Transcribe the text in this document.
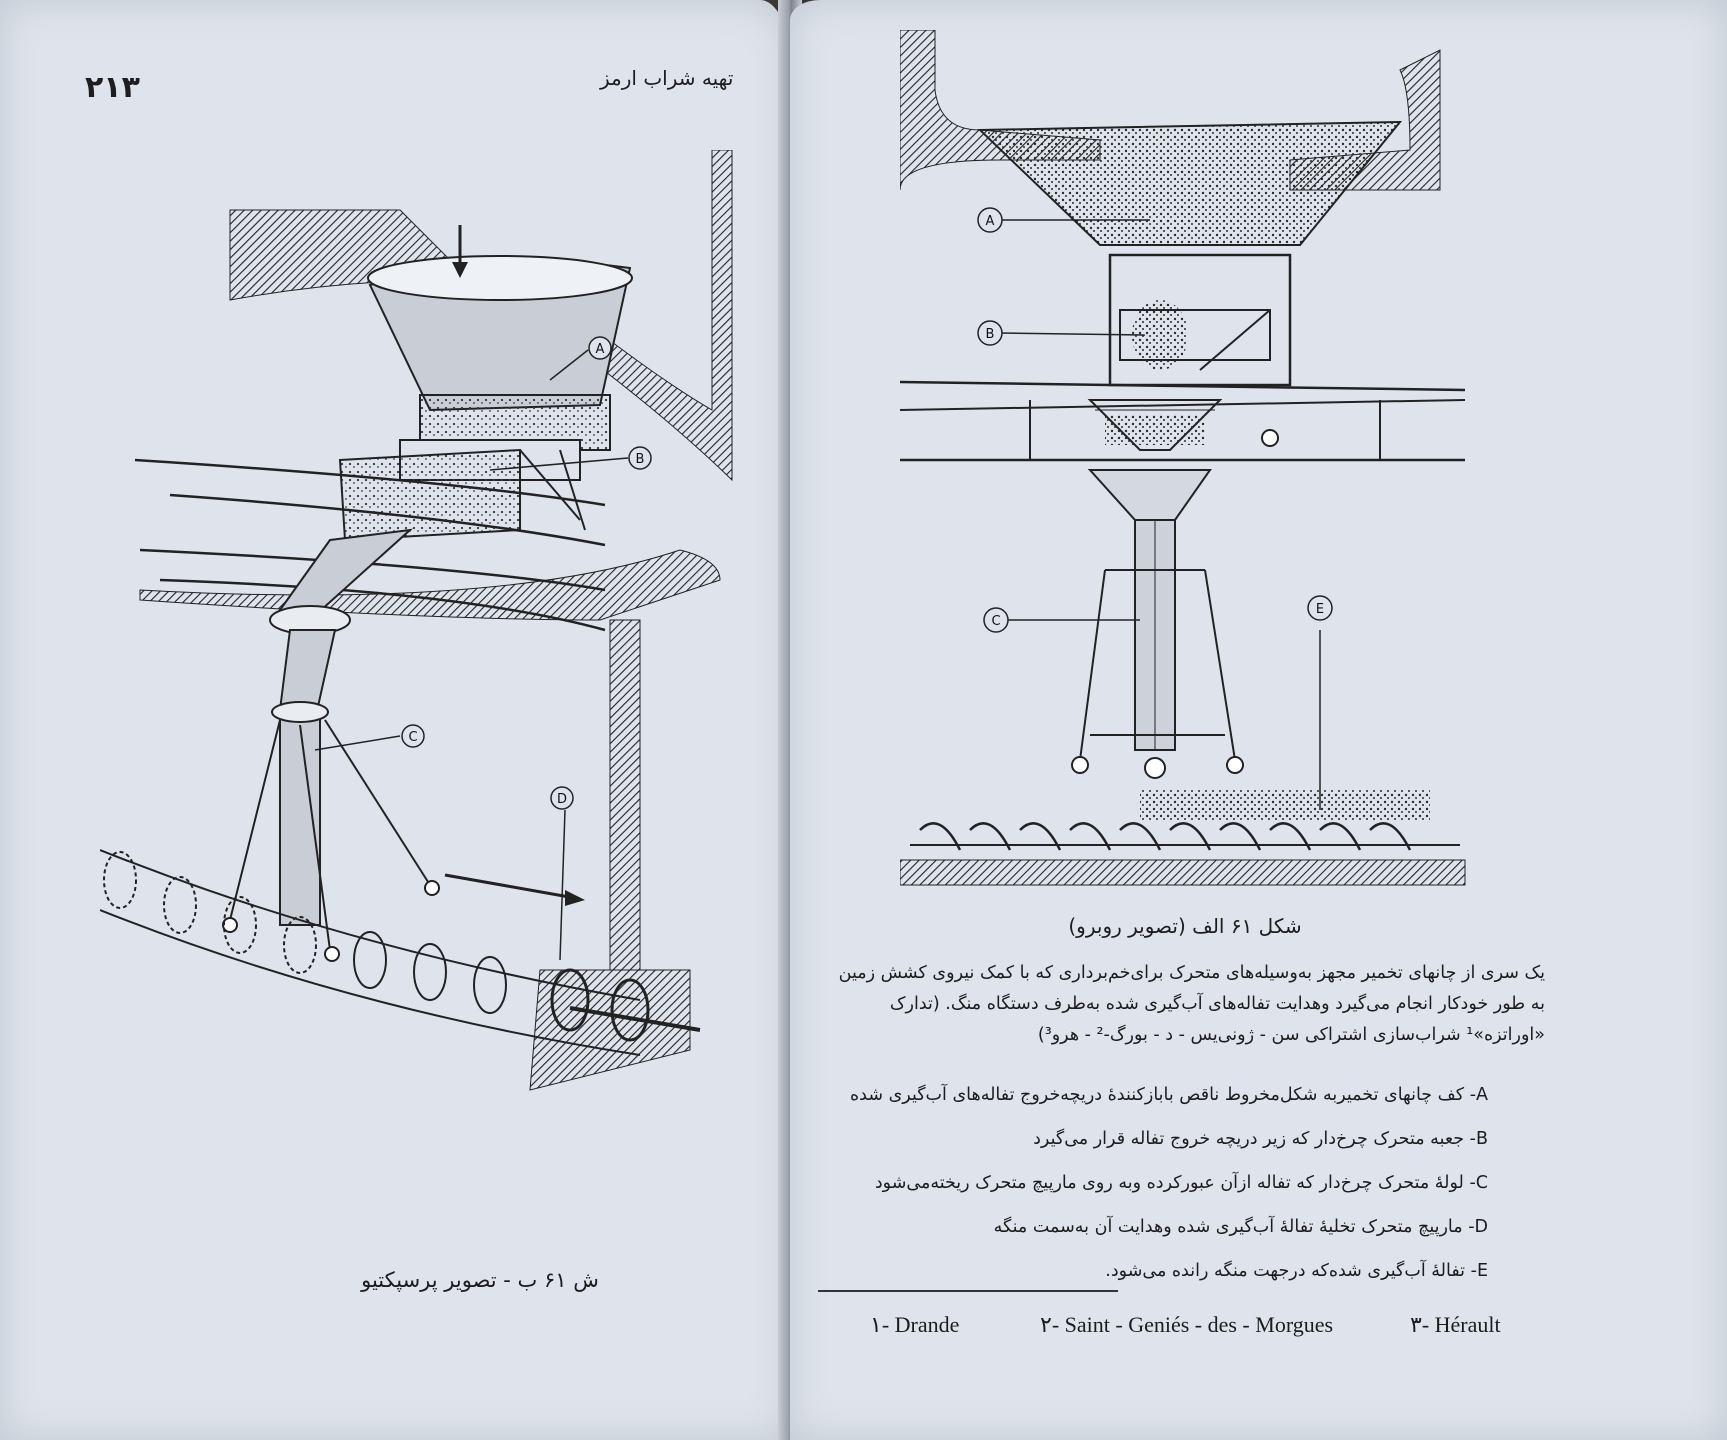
۲۱۳	تهیه شراب ارمز
A
B
C
D
ش ۶۱ ب - تصویر پرسپکتیو
A
B
C
E
شکل ۶۱ الف (تصویر روبرو)
یک سری از چانهای تخمیر مجهز به‌وسیله‌های متحرک برای‌خم‌برداری که با کمک نیروی کشش زمین به طور خودکار انجام می‌گیرد وهدایت تفاله‌های آب‌گیری شده به‌طرف دستگاه منگ. (تدارک «اوراتزه»¹ شراب‌سازی اشتراکی سن - ژونی‌یس - د - بورگ-² - هرو³)
A- کف چانهای تخمیربه شکل‌مخروط ناقص باباز‌کنندهٔ دریچه‌خروج تفاله‌های آب‌گیری شده
B- جعبه متحرک چرخ‌دار که زیر دریچه خروج تفاله قرار می‌گیرد
C- لولهٔ متحرک چرخ‌دار که تفاله از‌آن عبورکرده وبه روی مارپیچ متحرک ریخته‌می‌شود
D- مارپیچ متحرک تخلیهٔ تفالهٔ آب‌گیری شده وهدایت آن به‌سمت منگه
E- تفالهٔ آب‌گیری شده‌که درجهت منگه رانده می‌شود.
۱- Drande	۲- Saint - Geniés - des - Morgues	۳- Hérault
